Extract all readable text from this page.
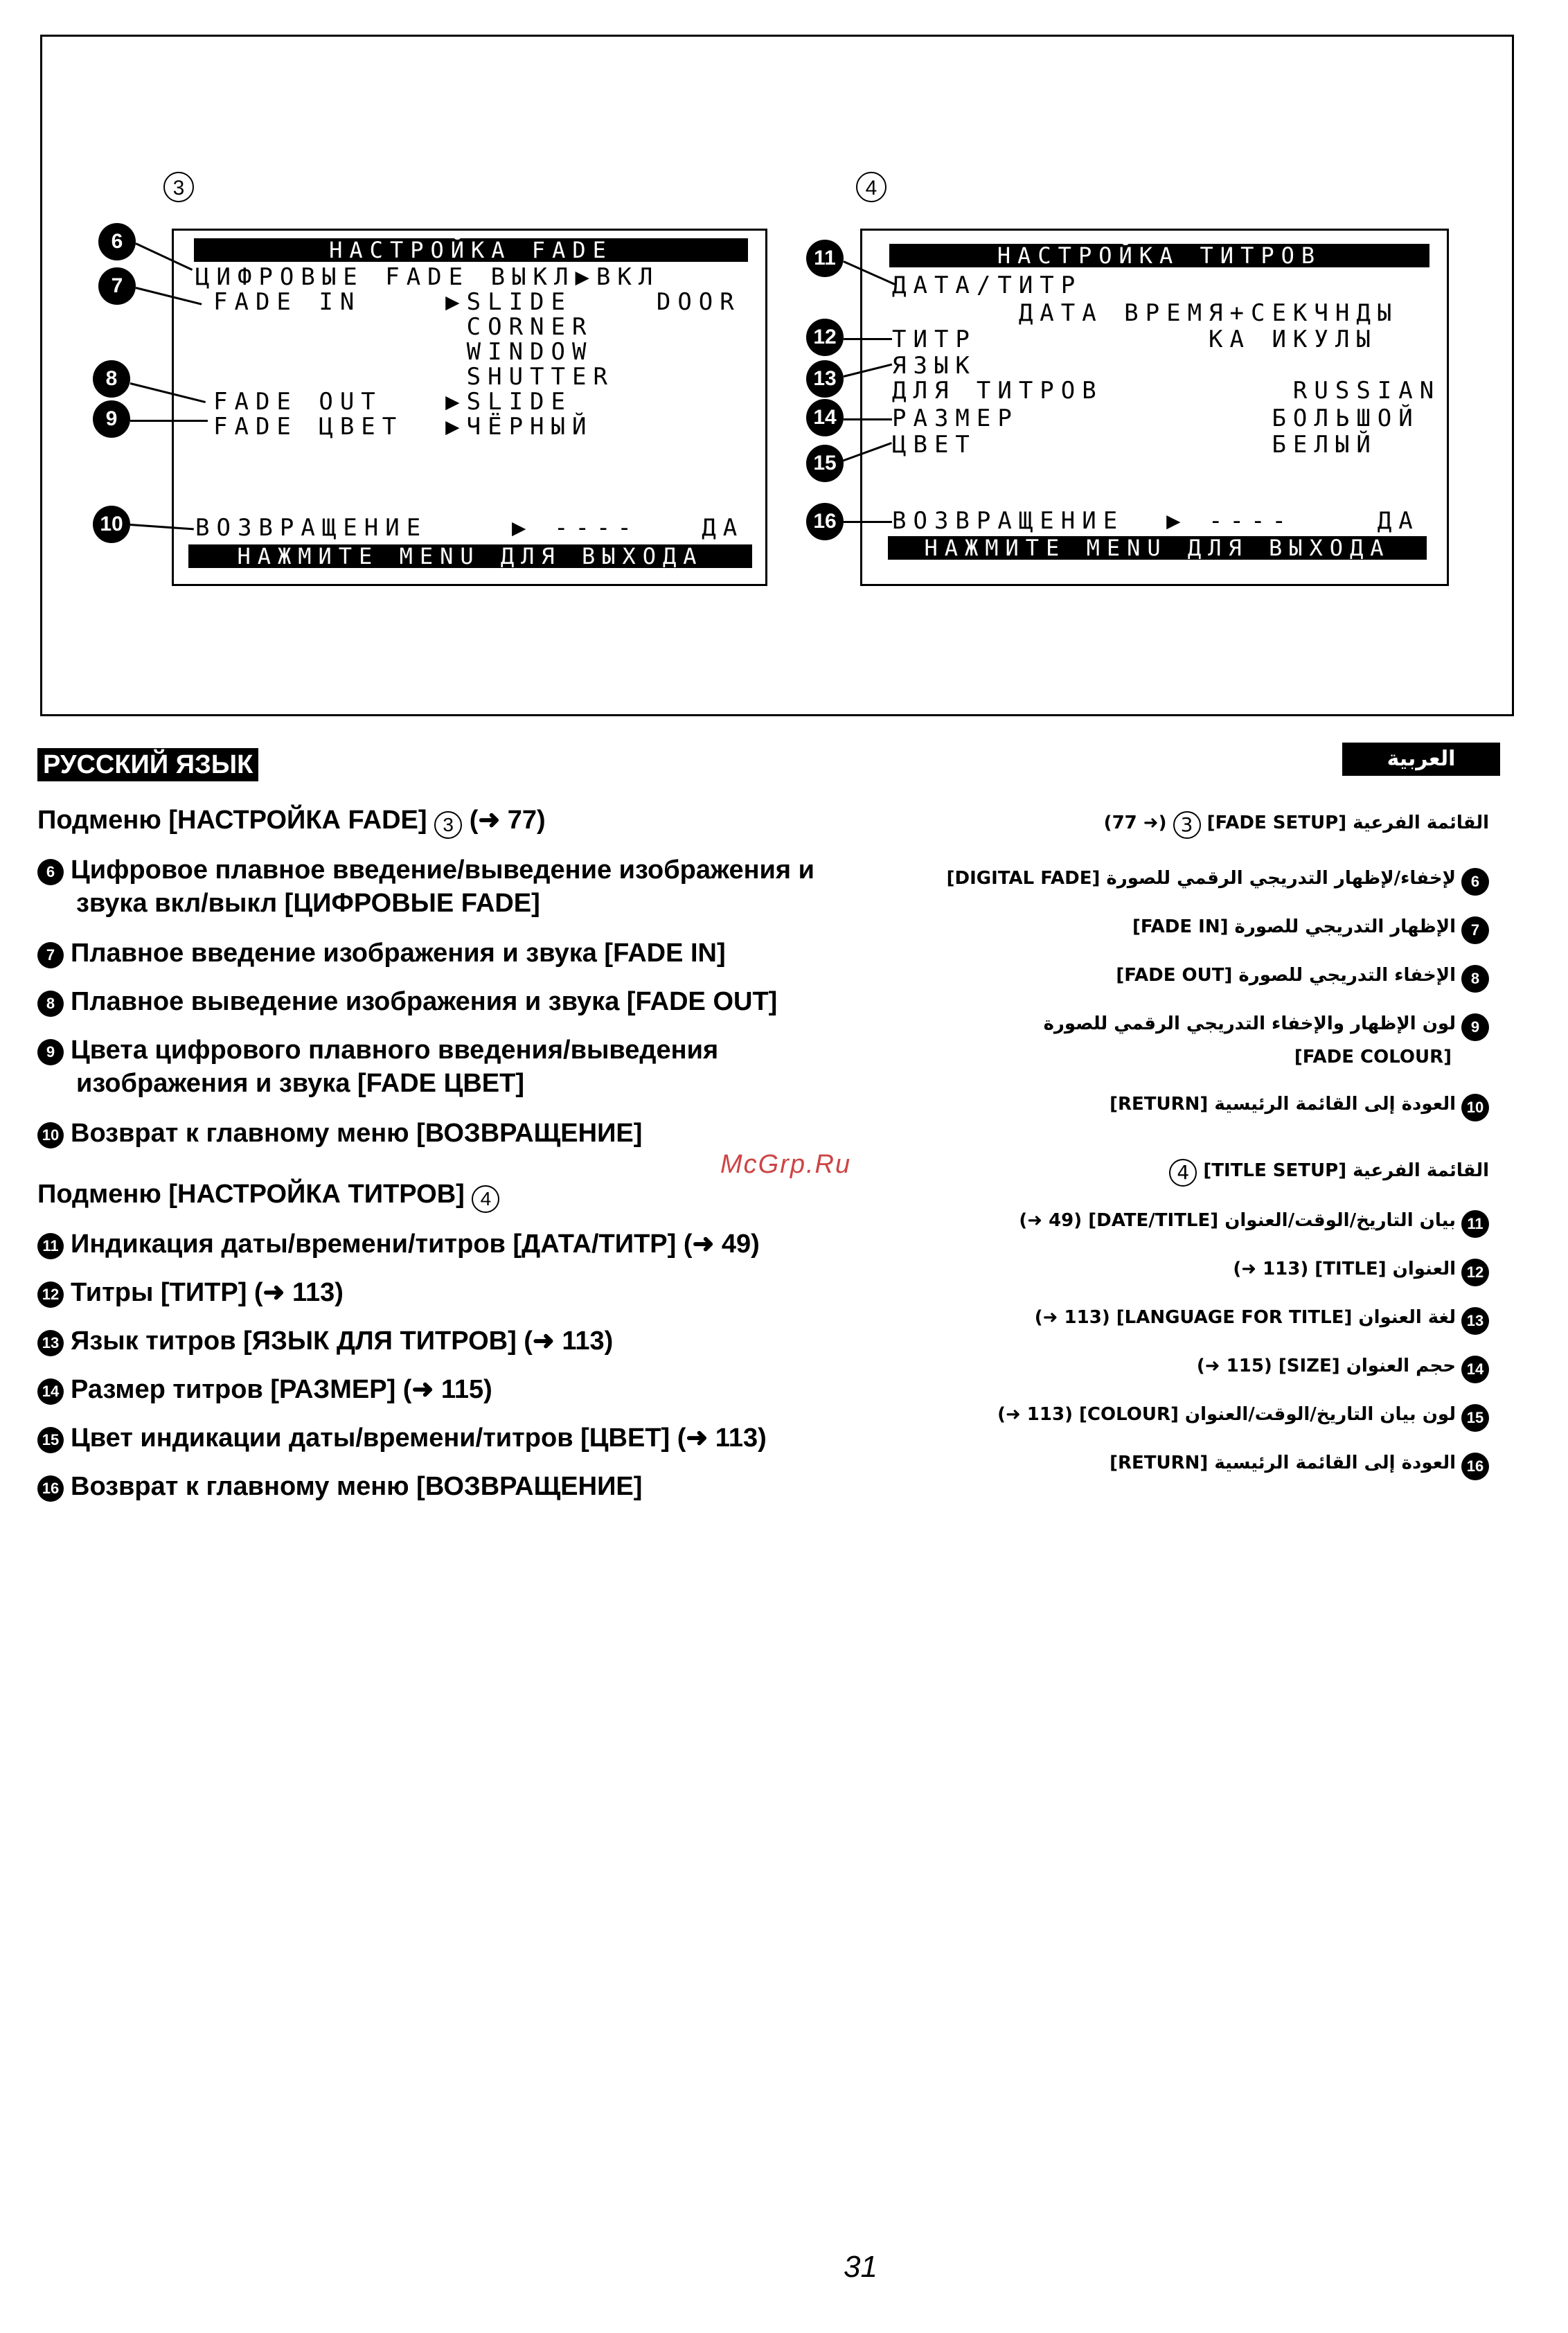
3
НАСТРОЙКА FADE
ЦИФРОВЫЕ FADE ВЫКЛ▶ВКЛ
FADE IN    ▶SLIDE    DOOR
CORNER
WINDOW
SHUTTER
FADE OUT   ▶SLIDE
FADE ЦВЕТ  ▶ЧЁРНЫЙ
ВОЗВРАЩЕНИЕ    ▶ ----   ДА
НАЖМИТЕ MENU ДЛЯ ВЫХОДА
6
7
8
9
10
4
НАСТРОЙКА ТИТРОВ
ДАТА/ТИТР
ДАТА ВРЕМЯ+СЕКЧНДЫ
ТИТР           КА ИКУЛЫ
ЯЗЫК
ДЛЯ ТИТРОВ         RUSSIAN
РАЗМЕР            БОЛЬШОЙ
ЦВЕТ              БЕЛЫЙ
ВОЗВРАЩЕНИЕ  ▶ ----    ДА
НАЖМИТЕ MENU ДЛЯ ВЫХОДА
11
12
13
14
15
16
РУССКИЙ ЯЗЫК
Подменю [НАСТРОЙКА FADE] 3 (➜ 77)
6 Цифровое плавное введение/выведение изображения и
звука вкл/выкл [ЦИФРОВЫЕ FADE]
7 Плавное введение изображения и звука [FADE IN]
8 Плавное выведение изображения и звука [FADE OUT]
9 Цвета цифрового плавного введения/выведения
изображения и звука [FADE ЦВЕТ]
10 Возврат к главному меню [ВОЗВРАЩЕНИЕ]
Подменю [НАСТРОЙКА ТИТРОВ] 4
11 Индикация даты/времени/титров [ДАТА/ТИТР] (➜ 49)
12 Титры [ТИТР] (➜ 113)
13 Язык титров [ЯЗЫК ДЛЯ ТИТРОВ] (➜ 113)
14 Размер титров [РАЗМЕР] (➜ 115)
15 Цвет индикации даты/времени/титров [ЦВЕТ] (➜ 113)
16 Возврат к главному меню [ВОЗВРАЩЕНИЕ]
العربية
القائمة الفرعية [FADE SETUP] 3 (➜ 77)
6لإخفاء/لإظهار التدريجي الرقمي للصورة [DIGITAL FADE]
7الإظهار التدريجي للصورة [FADE IN]
8الإخفاء التدريجي للصورة [FADE OUT]
9لون الإظهار والإخفاء التدريجي الرقمي للصورة
[FADE COLOUR]
10العودة إلى القائمة الرئيسية [RETURN]
القائمة الفرعية [TITLE SETUP] 4
11بيان التاريخ/الوقت/العنوان [DATE/TITLE] (49 ➜)
12العنوان [TITLE] (113 ➜)
13لغة العنوان [LANGUAGE FOR TITLE] (113 ➜)
14حجم العنوان [SIZE] (115 ➜)
15لون بيان التاريخ/الوقت/العنوان [COLOUR] (113 ➜)
16العودة إلى القائمة الرئيسية [RETURN]
McGrp.Ru
31
